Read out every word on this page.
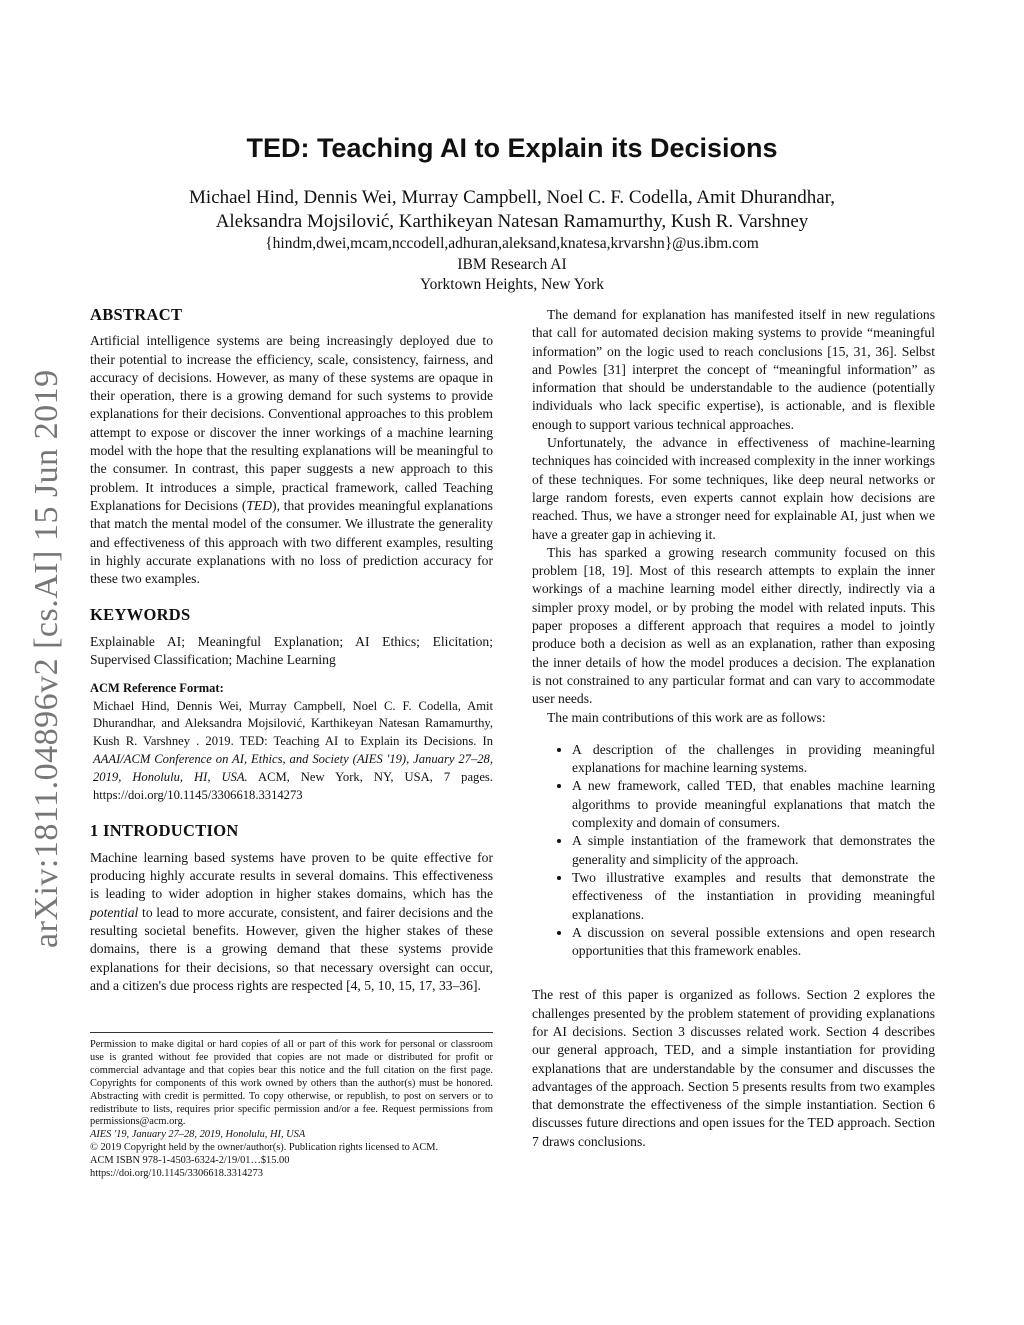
arXiv:1811.04896v2 [cs.AI] 15 Jun 2019
TED: Teaching AI to Explain its Decisions
Michael Hind, Dennis Wei, Murray Campbell, Noel C. F. Codella, Amit Dhurandhar,
Aleksandra Mojsilović, Karthikeyan Natesan Ramamurthy, Kush R. Varshney
{hindm,dwei,mcam,nccodell,adhuran,aleksand,knatesa,krvarshn}@us.ibm.com
IBM Research AI
Yorktown Heights, New York
ABSTRACT

Artificial intelligence systems are being increasingly deployed due to their potential to increase the efficiency, scale, consistency, fairness, and accuracy of decisions. However, as many of these systems are opaque in their operation, there is a growing demand for such systems to provide explanations for their decisions. Conventional approaches to this problem attempt to expose or discover the inner workings of a machine learning model with the hope that the resulting explanations will be meaningful to the consumer. In contrast, this paper suggests a new approach to this problem. It introduces a simple, practical framework, called Teaching Explanations for Decisions (TED), that provides meaningful explanations that match the mental model of the consumer. We illustrate the generality and effectiveness of this approach with two different examples, resulting in highly accurate explanations with no loss of prediction accuracy for these two examples.

KEYWORDS

Explainable AI; Meaningful Explanation; AI Ethics; Elicitation; Supervised Classification; Machine Learning

ACM Reference Format:

Michael Hind, Dennis Wei, Murray Campbell, Noel C. F. Codella, Amit Dhurandhar, and Aleksandra Mojsilović, Karthikeyan Natesan Ramamurthy, Kush R. Varshney . 2019. TED: Teaching AI to Explain its Decisions. In AAAI/ACM Conference on AI, Ethics, and Society (AIES '19), January 27–28, 2019, Honolulu, HI, USA. ACM, New York, NY, USA, 7 pages. https://doi.org/10.1145/3306618.3314273

1 INTRODUCTION

Machine learning based systems have proven to be quite effective for producing highly accurate results in several domains. This effectiveness is leading to wider adoption in higher stakes domains, which has the potential to lead to more accurate, consistent, and fairer decisions and the resulting societal benefits. However, given the higher stakes of these domains, there is a growing demand that these systems provide explanations for their decisions, so that necessary oversight can occur, and a citizen's due process rights are respected [4, 5, 10, 15, 17, 33–36].

Permission to make digital or hard copies of all or part of this work for personal or classroom use is granted without fee provided that copies are not made or distributed for profit or commercial advantage and that copies bear this notice and the full citation on the first page. Copyrights for components of this work owned by others than the author(s) must be honored. Abstracting with credit is permitted. To copy otherwise, or republish, to post on servers or to redistribute to lists, requires prior specific permission and/or a fee. Request permissions from permissions@acm.org.
AIES '19, January 27–28, 2019, Honolulu, HI, USA
© 2019 Copyright held by the owner/author(s). Publication rights licensed to ACM.
ACM ISBN 978-1-4503-6324-2/19/01…$15.00
https://doi.org/10.1145/3306618.3314273

The demand for explanation has manifested itself in new regulations that call for automated decision making systems to provide “meaningful information” on the logic used to reach conclusions [15, 31, 36]. Selbst and Powles [31] interpret the concept of “meaningful information” as information that should be understandable to the audience (potentially individuals who lack specific expertise), is actionable, and is flexible enough to support various technical approaches.

Unfortunately, the advance in effectiveness of machine-learning techniques has coincided with increased complexity in the inner workings of these techniques. For some techniques, like deep neural networks or large random forests, even experts cannot explain how decisions are reached. Thus, we have a stronger need for explainable AI, just when we have a greater gap in achieving it.

This has sparked a growing research community focused on this problem [18, 19]. Most of this research attempts to explain the inner workings of a machine learning model either directly, indirectly via a simpler proxy model, or by probing the model with related inputs. This paper proposes a different approach that requires a model to jointly produce both a decision as well as an explanation, rather than exposing the inner details of how the model produces a decision. The explanation is not constrained to any particular format and can vary to accommodate user needs.

The main contributions of this work are as follows:

• A description of the challenges in providing meaningful explanations for machine learning systems.
• A new framework, called TED, that enables machine learning algorithms to provide meaningful explanations that match the complexity and domain of consumers.
• A simple instantiation of the framework that demonstrates the generality and simplicity of the approach.
• Two illustrative examples and results that demonstrate the effectiveness of the instantiation in providing meaningful explanations.
• A discussion on several possible extensions and open research opportunities that this framework enables.

The rest of this paper is organized as follows. Section 2 explores the challenges presented by the problem statement of providing explanations for AI decisions. Section 3 discusses related work. Section 4 describes our general approach, TED, and a simple instantiation for providing explanations that are understandable by the consumer and discusses the advantages of the approach. Section 5 presents results from two examples that demonstrate the effectiveness of the simple instantiation. Section 6 discusses future directions and open issues for the TED approach. Section 7 draws conclusions.
